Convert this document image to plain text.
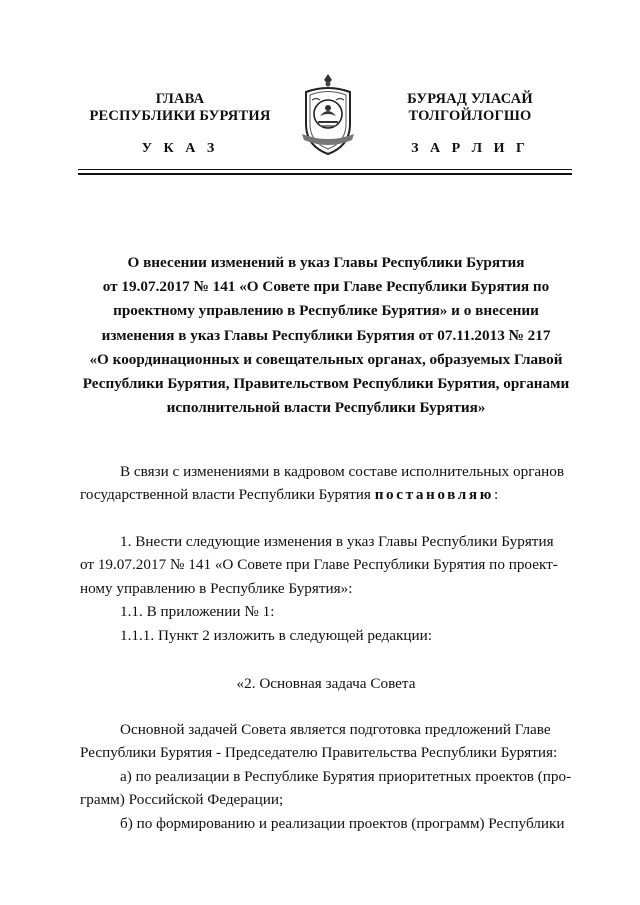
ГЛАВА
РЕСПУБЛИКИ БУРЯТИЯ
У К А З
БУРЯАД УЛАСАЙ
ТОЛГОЙЛОГШО
З А Р Л И Г
О внесении изменений в указ Главы Республики Бурятия
от 19.07.2017 № 141 «О Совете при Главе Республики Бурятия по
проектному управлению в Республике Бурятия» и о внесении
изменения в указ Главы Республики Бурятия от 07.11.2013 № 217
«О координационных и совещательных органах, образуемых Главой
Республики Бурятия, Правительством Республики Бурятия, органами
исполнительной власти Республики Бурятия»
В связи с изменениями в кадровом составе исполнительных органов
государственной власти Республики Бурятия постановляю:
1. Внести следующие изменения в указ Главы Республики Бурятия
от 19.07.2017 № 141 «О Совете при Главе Республики Бурятия по проект-
ному управлению в Республике Бурятия»:
1.1. В приложении № 1:
1.1.1. Пункт 2 изложить в следующей редакции:
«2. Основная задача Совета
Основной задачей Совета является подготовка предложений Главе
Республики Бурятия - Председателю Правительства Республики Бурятия:
а) по реализации в Республике Бурятия приоритетных проектов (про-
грамм) Российской Федерации;
б) по формированию и реализации проектов (программ) Республики
